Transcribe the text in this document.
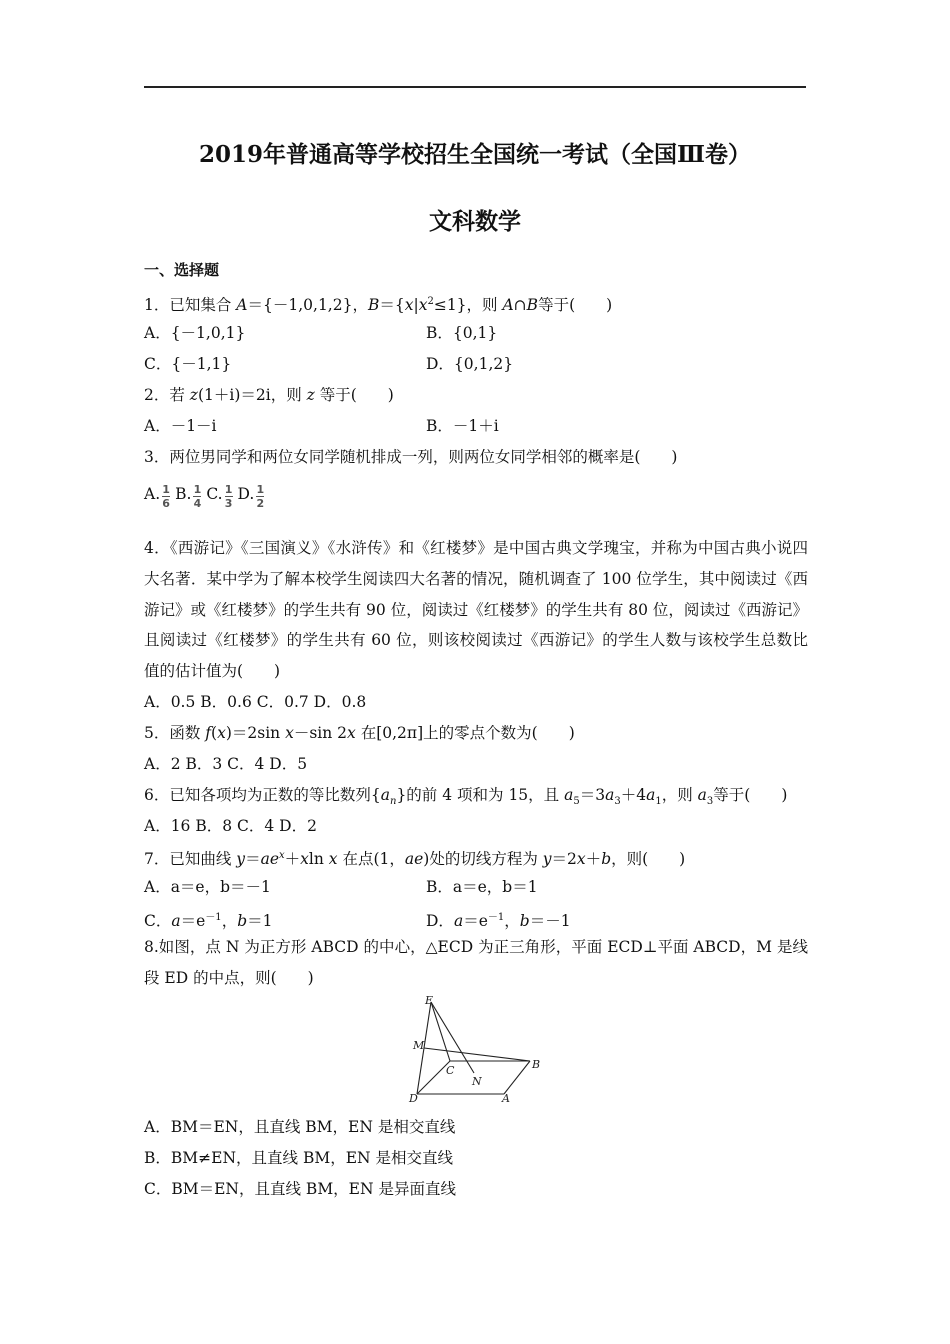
2019年普通高等学校招生全国统一考试（全国Ⅲ卷）
文科数学
一、选择题
1．已知集合 A＝{－1,0,1,2}，$B=\{x|x^2\le 1\}$，则 A∩B等于(　　)
A．{－1,0,1}	B．{0,1}
C．{－1,1}	D．{0,1,2}
2．若 z(1＋i)＝2i，则 z 等于(　　)
A．－1－i	B．－1＋i
3．两位男同学和两位女同学随机排成一列，则两位女同学相邻的概率是(　　)
A. $\frac{1}{6} B$. $\frac{1}{4} C$. $\frac{1}{3} D$. $\frac{1}{2}$
4．《西游记》《三国演义》《水浒传》和《红楼梦》是中国古典文学瑰宝，并称为中国古典小说四大名著．某中学为了解本校学生阅读四大名著的情况，随机调查了 100 位学生，其中阅读过《西游记》或《红楼梦》的学生共有 90 位，阅读过《红楼梦》的学生共有 80 位，阅读过《西游记》且阅读过《红楼梦》的学生共有 60 位，则该校阅读过《西游记》的学生人数与该校学生总数比值的估计值为(　　)
A．0.5 B．0.6 C．0.7 D．0.8
5．函数 f(x)＝2sin x－sin 2x 在[0,2π]上的零点个数为(　　)
A．2 B．3 C．4 D．5
6．已知各项均为正数的等比数列$\{a_n\}$的前 4 项和为 15，且 $a_5=3a_3+4a_1$，则 $a_3$等于(　　)
A．16 B．8 C．4 D．2
7．已知曲线 $y=ae^x+xln$ x 在点(1，ae)处的切线方程为 y＝2x＋b，则(　　)
A．a＝e，b＝－1	B．a＝e，b＝1
C．$a=e^{-1}$，b＝1	D．$a=e^{-1}$，b＝－1
8.如图，点 N 为正方形 ABCD 的中心，△ECD 为正三角形，平面 ECD⊥平面 ABCD，M 是线段 ED 的中点，则(　　)
E
M
C
N
B
D	A
A．BM＝EN，且直线 BM，EN 是相交直线
B．BM≠EN，且直线 BM，EN 是相交直线
C．BM＝EN，且直线 BM，EN 是异面直线
